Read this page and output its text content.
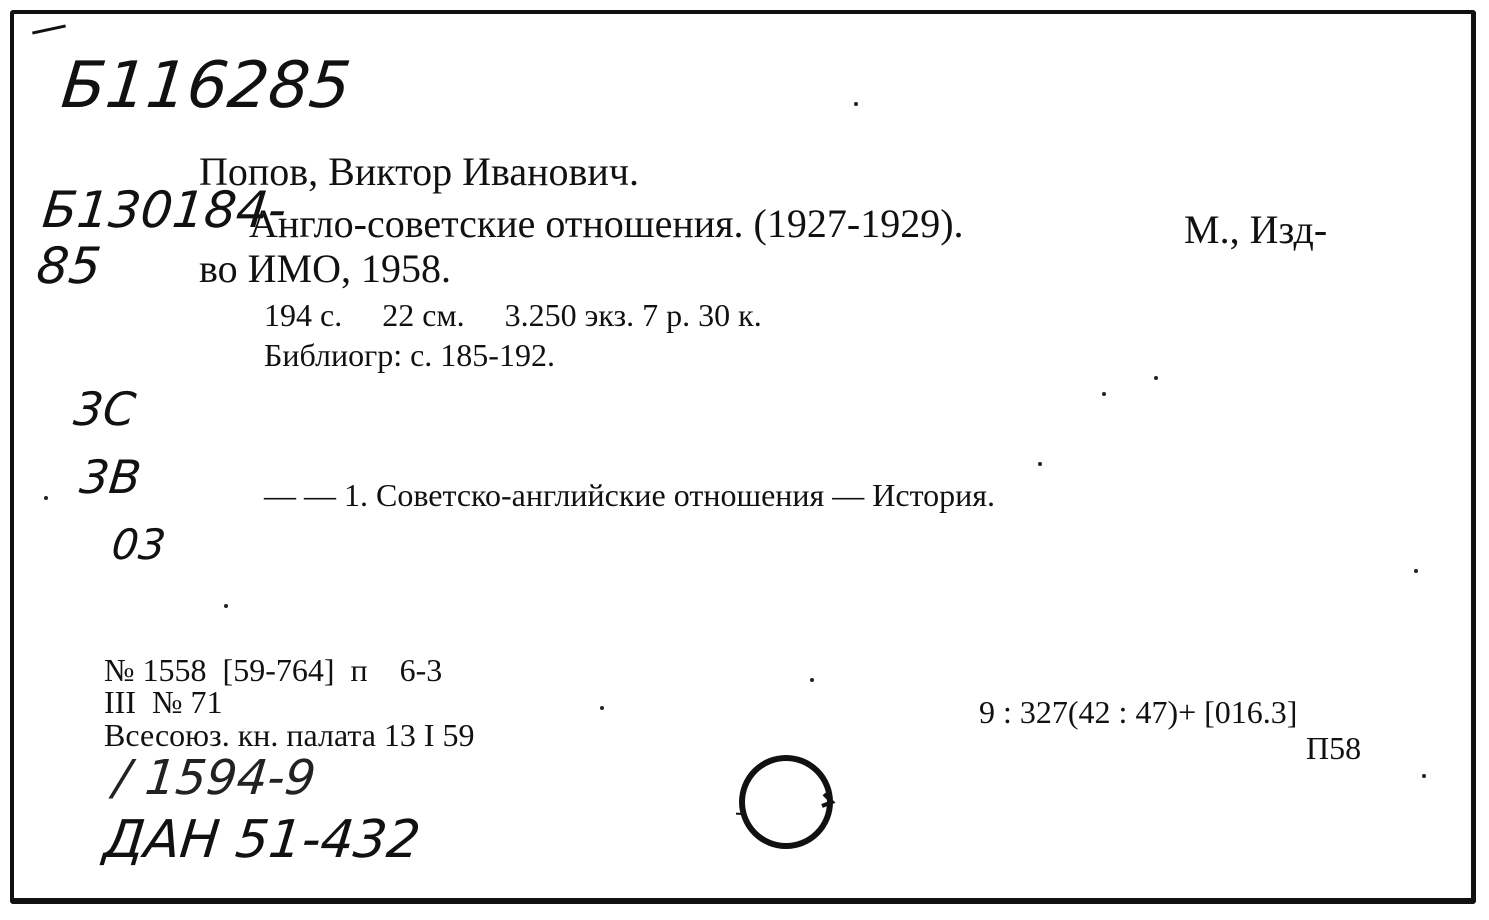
Б116285
Б130184-85
Попов, Виктор Иванович.
Англо-советские отношения. (1927-1929).	М., Изд-
во ИМО, 1958.
194 с.     22 см.     3.250 экз. 7 р. 30 к.
Библиогр: с. 185-192.
3С
3В
03
— — 1. Советско-английские отношения — История.
№ 1558  [59-764]  п    6-3
III  № 71
Всесоюз. кн. палата 13 I 59
9 : 327(42 : 47)+ [016.3]
П58
/ 1594-9
ДАН 51-432
